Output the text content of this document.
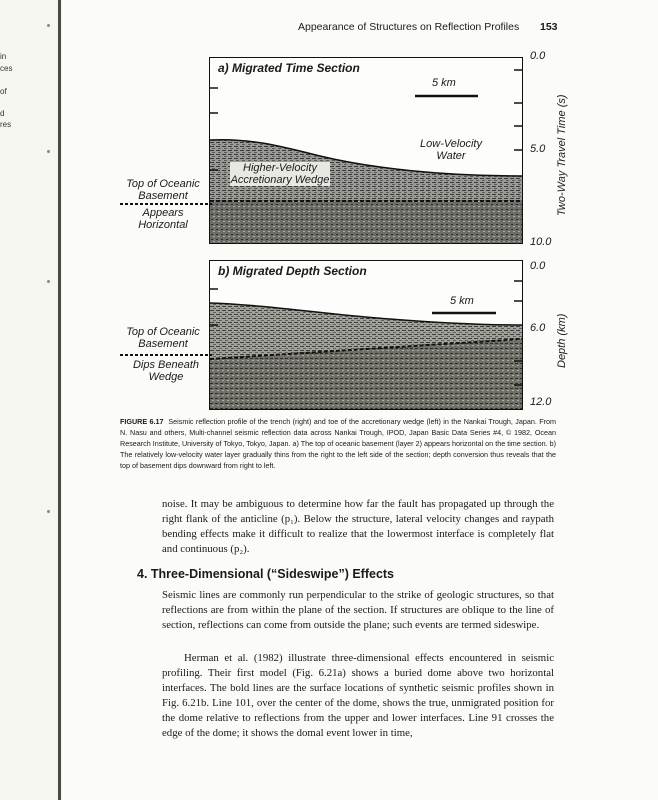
in
ces
of
d
res
Appearance of Structures on Reflection Profiles	153
a) Migrated Time Section
5 km
Low-Velocity
Water
Higher-Velocity
Accretionary Wedge
Top of Oceanic
Basement
Appears
Horizontal
0.0
5.0
10.0
Two-Way Travel Time (s)
b) Migrated Depth Section
5 km
Top of Oceanic
Basement
Dips Beneath
Wedge
0.0
6.0
12.0
Depth (km)
FIGURE 6.17 Seismic reflection profile of the trench (right) and toe of the accretionary wedge (left) in the Nankai Trough, Japan. From N. Nasu and others, Multi-channel seismic reflection data across Nankai Trough, IPOD, Japan Basic Data Series #4, © 1982, Ocean Research Institute, University of Tokyo, Tokyo, Japan. a) The top of oceanic basement (layer 2) appears horizontal on the time section. b) The relatively low-velocity water layer gradually thins from the right to the left side of the section; depth conversion thus reveals that the top of basement dips downward from right to left.
noise. It may be ambiguous to determine how far the fault has propagated up through the right flank of the anticline (p₁). Below the structure, lateral velocity changes and raypath bending effects make it difficult to realize that the lowermost interface is completely flat and continuous (p₂).
4. Three-Dimensional (“Sideswipe”) Effects
Seismic lines are commonly run perpendicular to the strike of geologic structures, so that reflections are from within the plane of the section. If structures are oblique to the line of section, reflections can come from outside the plane; such events are termed sideswipe.
Herman et al. (1982) illustrate three-dimensional effects encountered in seismic profiling. Their first model (Fig. 6.21a) shows a buried dome above two horizontal interfaces. The bold lines are the surface locations of synthetic seismic profiles shown in Fig. 6.21b. Line 101, over the center of the dome, shows the true, unmigrated position for the dome relative to reflections from the upper and lower interfaces. Line 91 crosses the edge of the dome; it shows the domal event lower in time,
